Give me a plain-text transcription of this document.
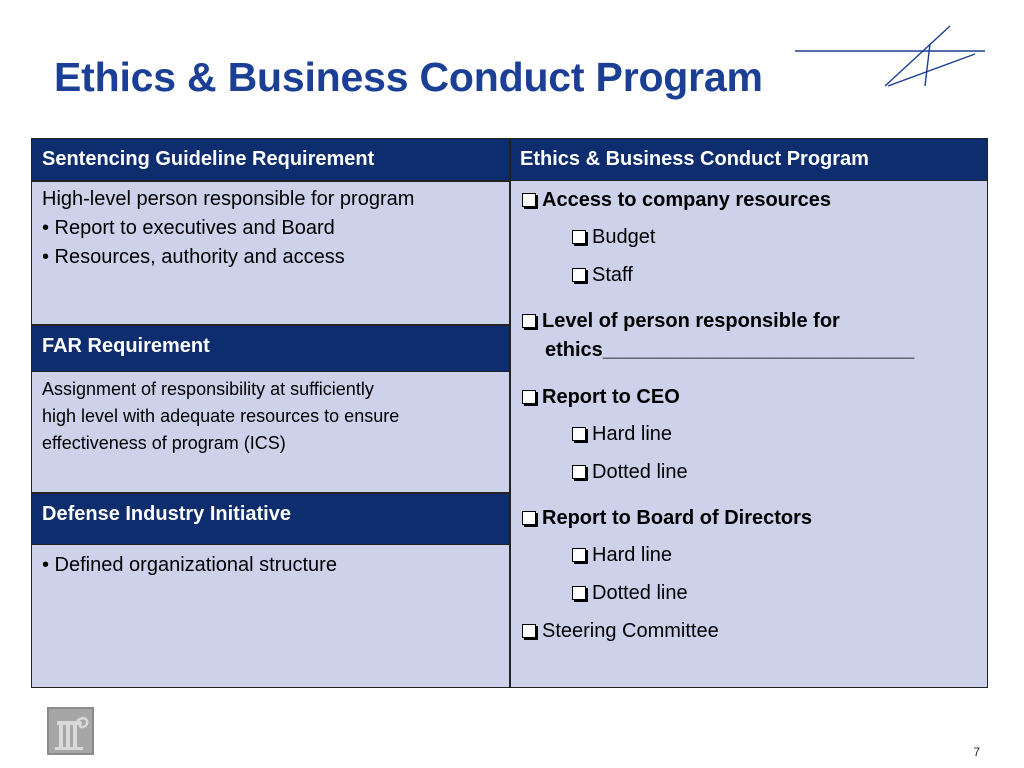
Ethics & Business Conduct Program
Sentencing Guideline Requirement	Ethics & Business Conduct Program
High-level person responsible for program
• Report to executives and Board
• Resources, authority and access
FAR Requirement
Assignment of responsibility at sufficiently
high level with adequate resources to ensure
effectiveness of program (ICS)
Defense Industry Initiative
• Defined organizational structure
Access to company resources
Budget
Staff
Level of person responsible for
ethics____________________________
Report to CEO
Hard line
Dotted line
Report to Board of Directors
Hard line
Dotted line
Steering Committee
7
